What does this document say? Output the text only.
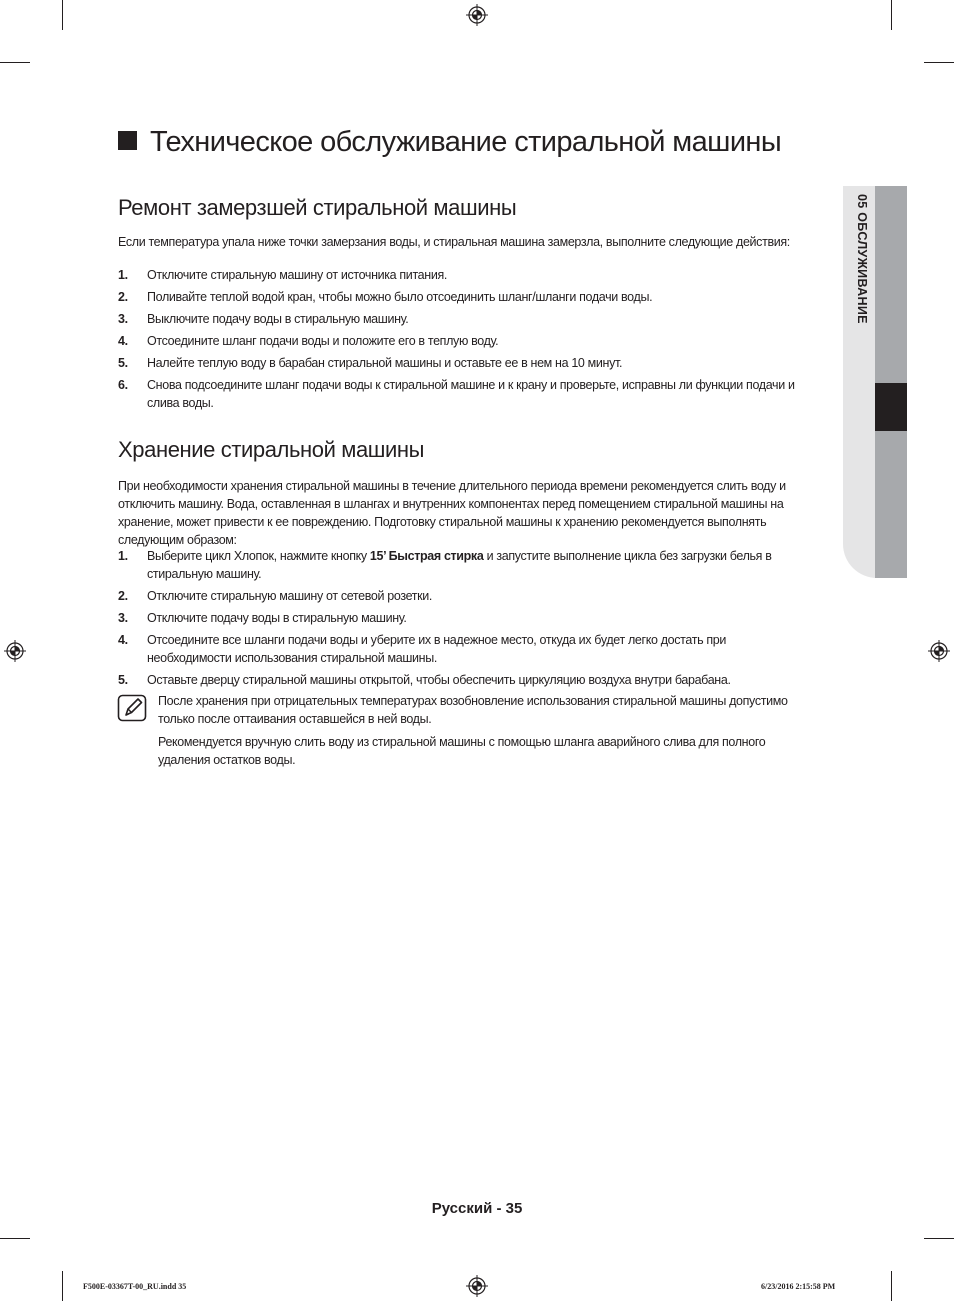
05 ОБСЛУЖИВАНИЕ
Техническое обслуживание стиральной машины
Ремонт замерзшей стиральной машины

Если температура упала ниже точки замерзания воды, и стиральная машина замерзла, выполните следующие действия:

1. Отключите стиральную машину от источника питания.
2. Поливайте теплой водой кран, чтобы можно было отсоединить шланг/шланги подачи воды.
3. Выключите подачу воды в стиральную машину.
4. Отсоедините шланг подачи воды и положите его в теплую воду.
5. Налейте теплую воду в барабан стиральной машины и оставьте ее в нем на 10 минут.
6. Снова подсоедините шланг подачи воды к стиральной машине и к крану и проверьте, исправны ли функции подачи и слива воды.
Хранение стиральной машины

При необходимости хранения стиральной машины в течение длительного периода времени рекомендуется слить воду и отключить машину. Вода, оставленная в шлангах и внутренних компонентах перед помещением стиральной машины на хранение, может привести к ее повреждению. Подготовку стиральной машины к хранению рекомендуется выполнять следующим образом:

1. Выберите цикл Хлопок, нажмите кнопку 15’ Быстрая стирка и запустите выполнение цикла без загрузки белья в стиральную машину.
2. Отключите стиральную машину от сетевой розетки.
3. Отключите подачу воды в стиральную машину.
4. Отсоедините все шланги подачи воды и уберите их в надежное место, откуда их будет легко достать при необходимости использования стиральной машины.
5. Оставьте дверцу стиральной машины открытой, чтобы обеспечить циркуляцию воздуха внутри барабана.

После хранения при отрицательных температурах возобновление использования стиральной машины допустимо только после оттаивания оставшейся в ней воды.

Рекомендуется вручную слить воду из стиральной машины с помощью шланга аварийного слива для полного удаления остатков воды.

Русский - 35
F500E-03367T-00_RU.indd 35	6/23/2016 2:15:58 PM
